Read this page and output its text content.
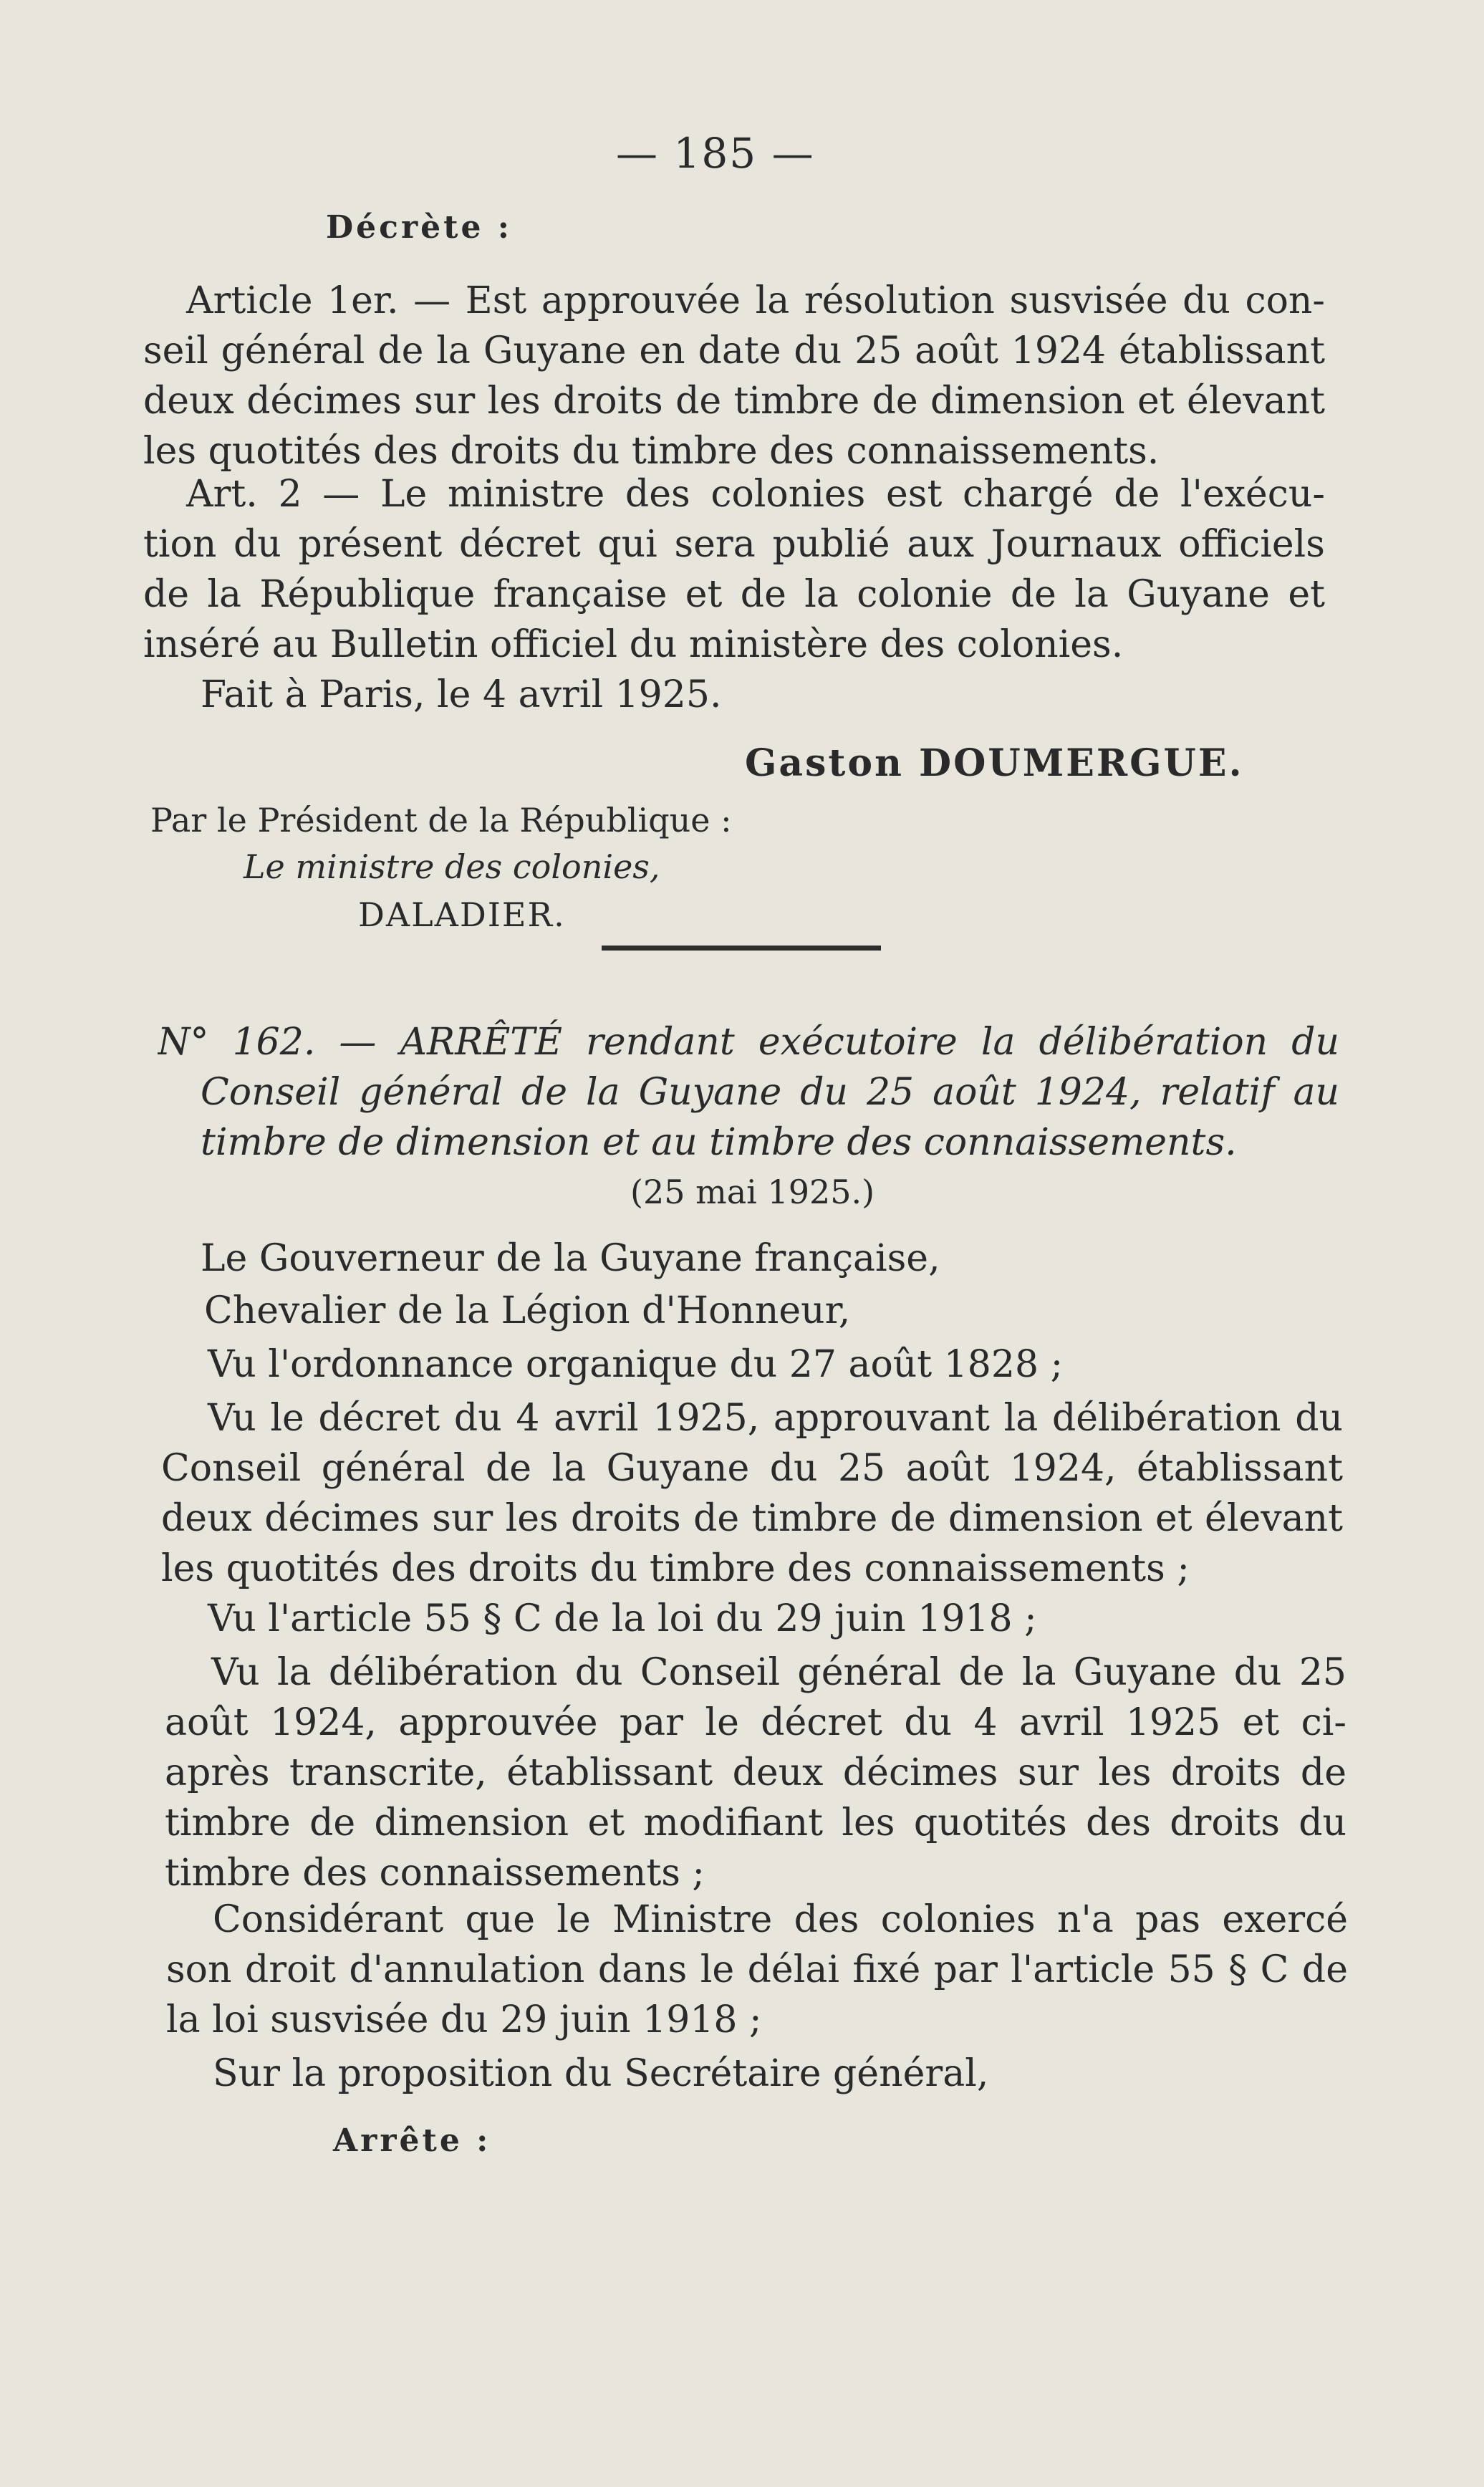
— 185 —
Décrète :
Article 1er. — Est approuvée la résolution susvisée du con-
seil général de la Guyane en date du 25 août 1924 établissant
deux décimes sur les droits de timbre de dimension et élevant
les quotités des droits du timbre des connaissements.
Art. 2 — Le ministre des colonies est chargé de l'exécu-
tion du présent décret qui sera publié aux Journaux officiels
de la République française et de la colonie de la Guyane et
inséré au Bulletin officiel du ministère des colonies.
Fait à Paris, le 4 avril 1925.
Gaston DOUMERGUE.
Par le Président de la République :
Le ministre des colonies,
DALADIER.
N° 162. — ARRÊTÉ rendant exécutoire la délibération du
Conseil général de la Guyane du 25 août 1924, relatif au
timbre de dimension et au timbre des connaissements.
(25 mai 1925.)
Le Gouverneur de la Guyane française,
Chevalier de la Légion d'Honneur,
Vu l'ordonnance organique du 27 août 1828 ;
Vu le décret du 4 avril 1925, approuvant la délibération du
Conseil général de la Guyane du 25 août 1924, établissant
deux décimes sur les droits de timbre de dimension et élevant
les quotités des droits du timbre des connaissements ;
Vu l'article 55 § C de la loi du 29 juin 1918 ;
Vu la délibération du Conseil général de la Guyane du 25
août 1924, approuvée par le décret du 4 avril 1925 et ci-
après transcrite, établissant deux décimes sur les droits de
timbre de dimension et modifiant les quotités des droits du
timbre des connaissements ;
Considérant que le Ministre des colonies n'a pas exercé
son droit d'annulation dans le délai fixé par l'article 55 § C de
la loi susvisée du 29 juin 1918 ;
Sur la proposition du Secrétaire général,
Arrête :
